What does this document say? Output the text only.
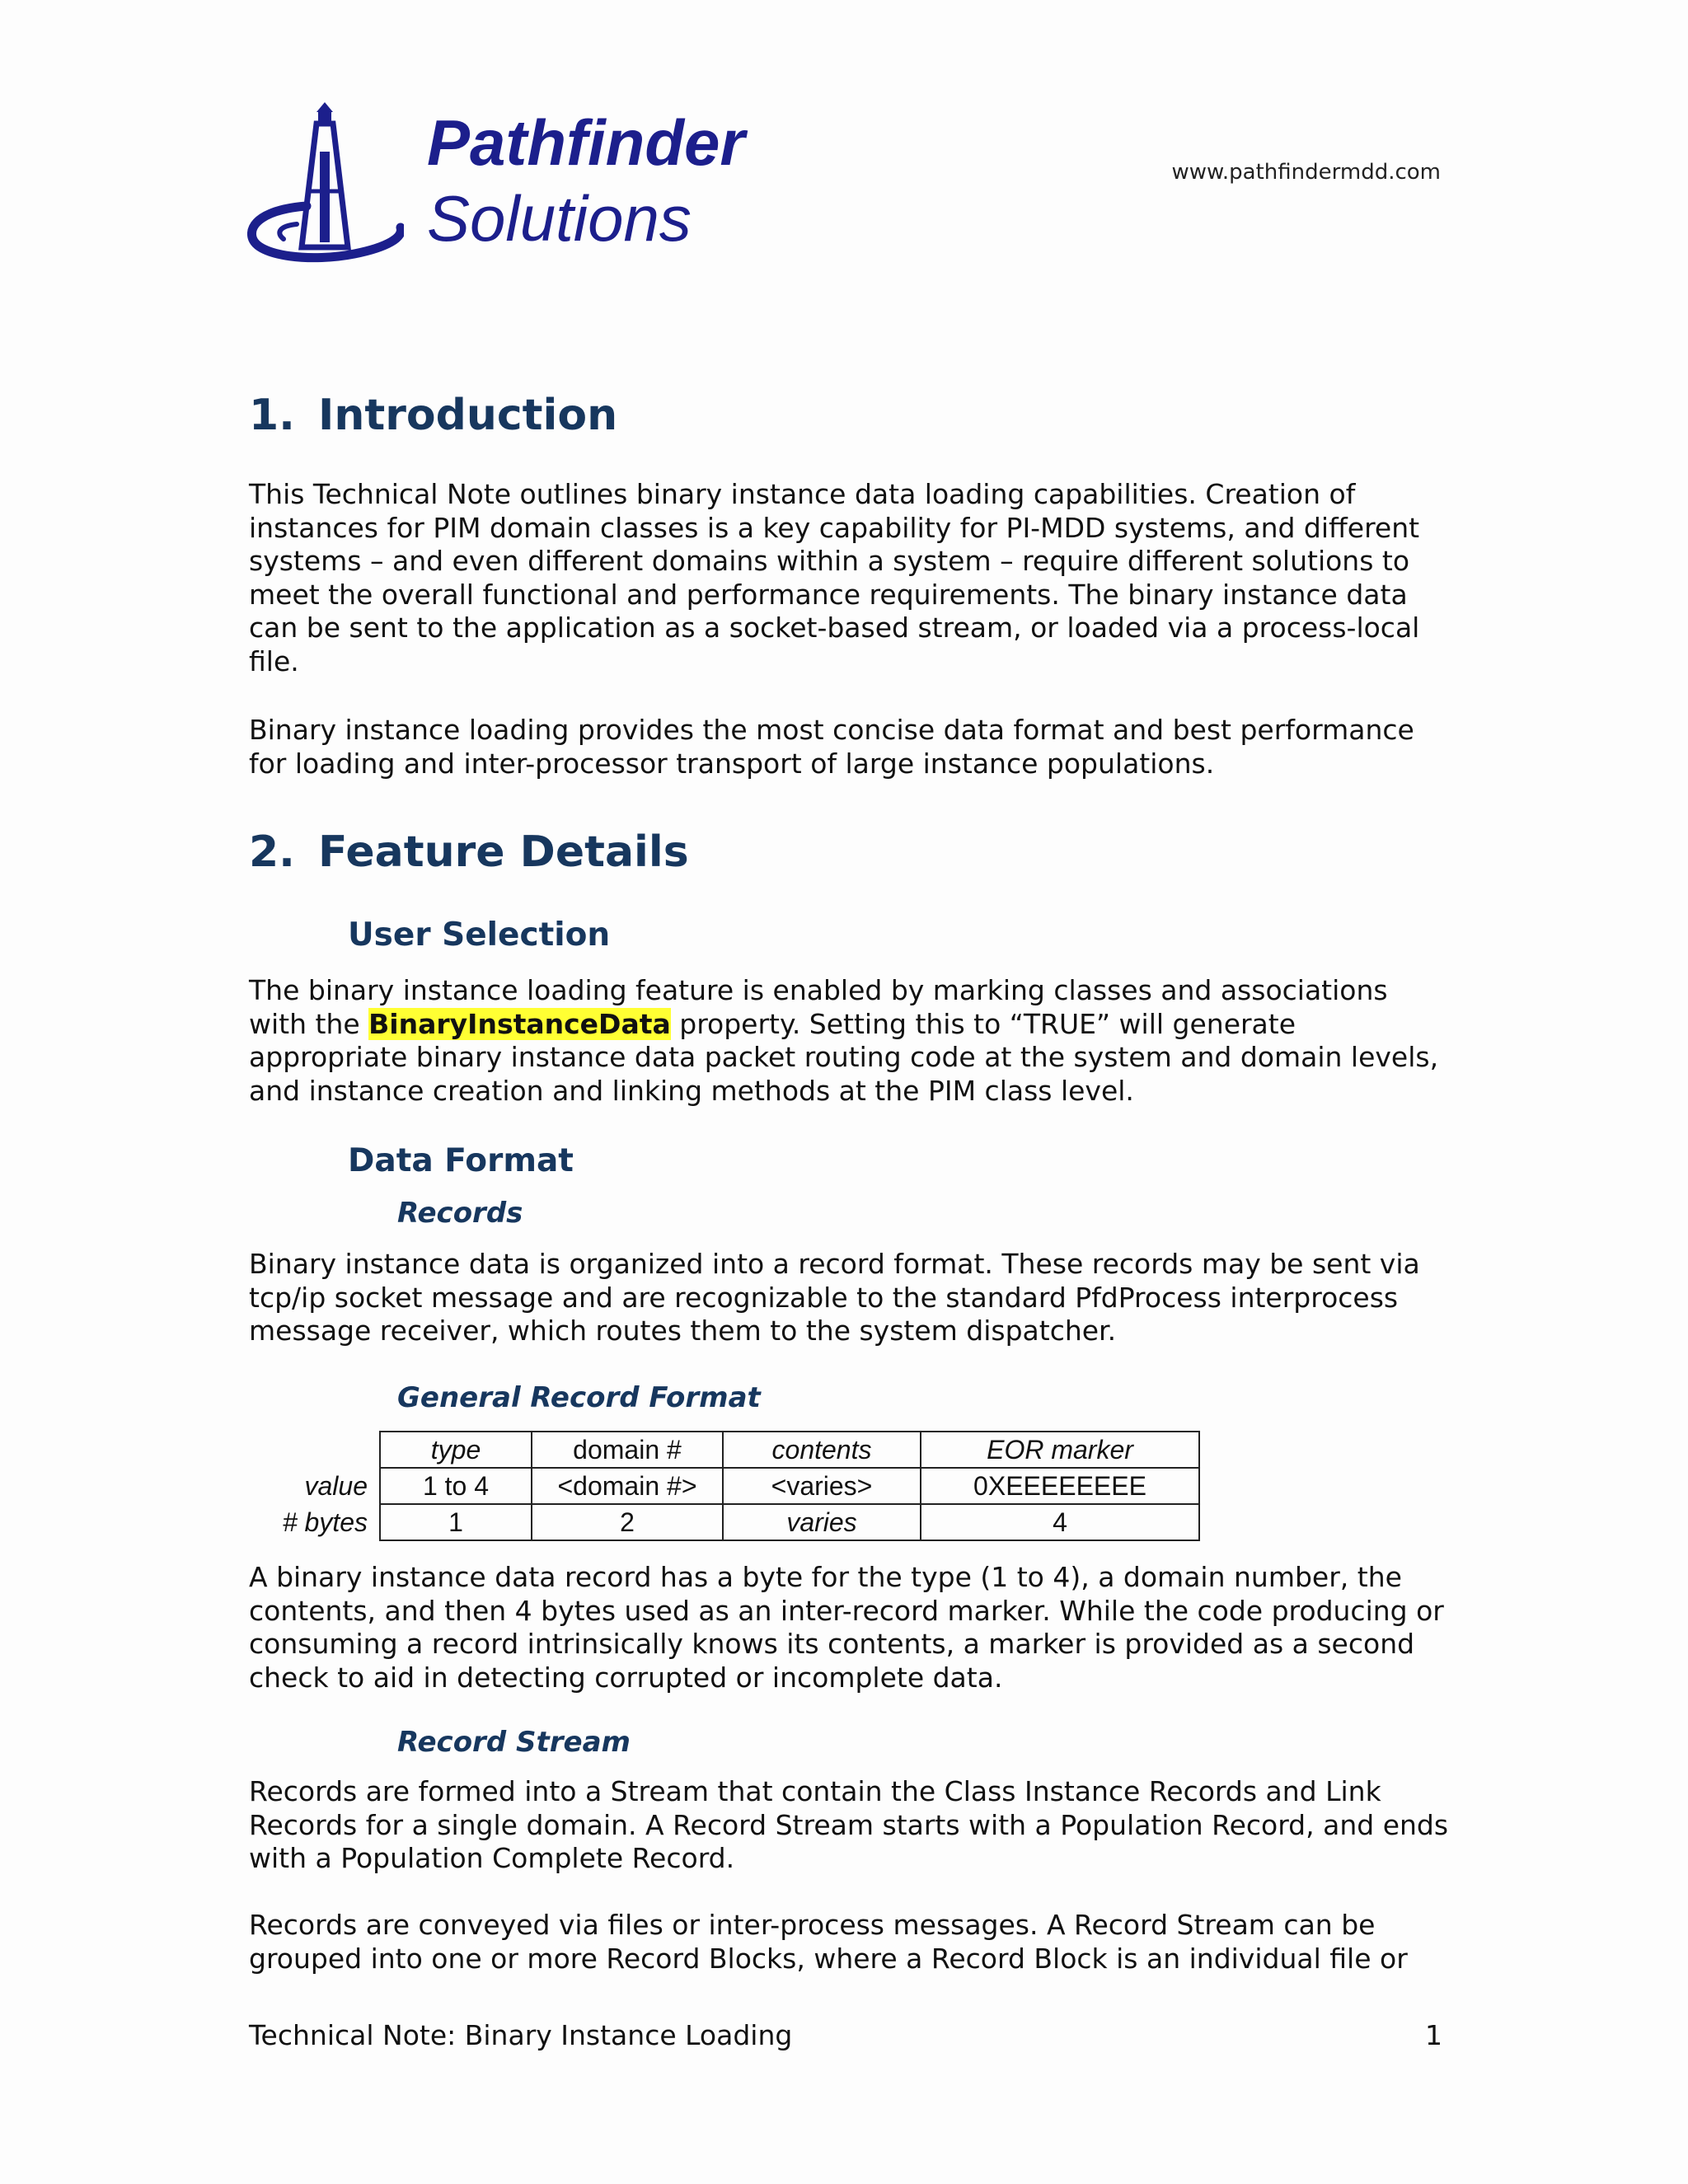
Pathfinder
Solutions
www.pathfindermdd.com
1. Introduction
This Technical Note outlines binary instance data loading capabilities. Creation of instances for PIM domain classes is a key capability for PI-MDD systems, and different systems – and even different domains within a system – require different solutions to meet the overall functional and performance requirements. The binary instance data can be sent to the application as a socket-based stream, or loaded via a process-local file.
Binary instance loading provides the most concise data format and best performance for loading and inter-processor transport of large instance populations.
2. Feature Details
User Selection
The binary instance loading feature is enabled by marking classes and associations with the BinaryInstanceData property. Setting this to “TRUE” will generate appropriate binary instance data packet routing code at the system and domain levels, and instance creation and linking methods at the PIM class level.
Data Format
Records
Binary instance data is organized into a record format. These records may be sent via tcp/ip socket message and are recognizable to the standard PfdProcess interprocess message receiver, which routes them to the system dispatcher.
General Record Format
	type	domain #	contents	EOR marker
value	1 to 4	<domain #>	<varies>	0XEEEEEEEE
# bytes	1	2	varies	4
A binary instance data record has a byte for the type (1 to 4), a domain number, the contents, and then 4 bytes used as an inter-record marker. While the code producing or consuming a record intrinsically knows its contents, a marker is provided as a second check to aid in detecting corrupted or incomplete data.
Record Stream
Records are formed into a Stream that contain the Class Instance Records and Link Records for a single domain. A Record Stream starts with a Population Record, and ends with a Population Complete Record.
Records are conveyed via files or inter-process messages. A Record Stream can be grouped into one or more Record Blocks, where a Record Block is an individual file or
Technical Note: Binary Instance Loading	1
